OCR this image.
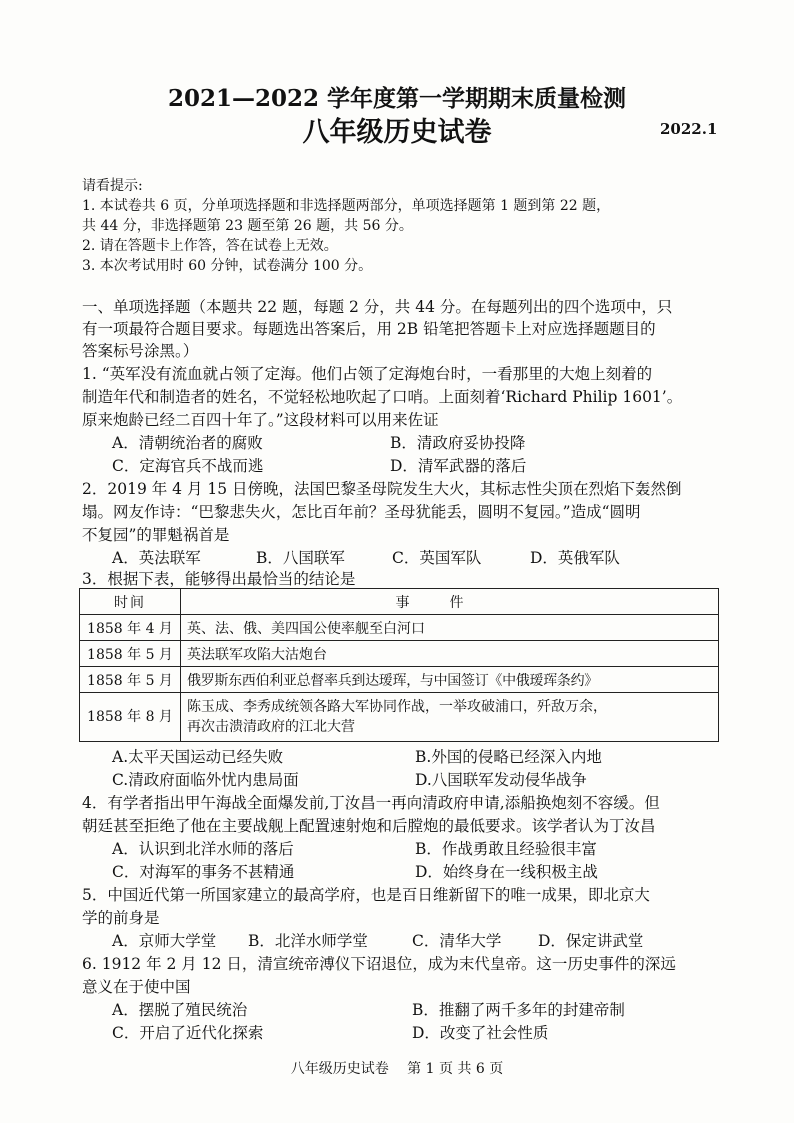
2021—2022 学年度第一学期期末质量检测
八年级历史试卷	2022.1
请看提示:
1. 本试卷共 6 页，分单项选择题和非选择题两部分，单项选择题第 1 题到第 22 题，
共 44 分，非选择题第 23 题至第 26 题，共 56 分。
2. 请在答题卡上作答，答在试卷上无效。
3. 本次考试用时 60 分钟，试卷满分 100 分。
一、单项选择题（本题共 22 题，每题 2 分，共 44 分。在每题列出的四个选项中，只
有一项最符合题目要求。每题选出答案后，用 2B 铅笔把答题卡上对应选择题题目的
答案标号涂黑。）
1. “英军没有流血就占领了定海。他们占领了定海炮台时，一看那里的大炮上刻着的
制造年代和制造者的姓名，不觉轻松地吹起了口哨。上面刻着‘Richard Philip 1601’。
原来炮龄已经二百四十年了。”这段材料可以用来佐证
A．清朝统治者的腐败	B．清政府妥协投降
C．定海官兵不战而逃	D．清军武器的落后
2．2019 年 4 月 15 日傍晚，法国巴黎圣母院发生大火，其标志性尖顶在烈焰下轰然倒
塌。网友作诗：“巴黎悲失火，怎比百年前？圣母犹能丢，圆明不复园。”造成“圆明
不复园”的罪魁祸首是
A．英法联军	B．八国联军	C．英国军队	D．英俄军队
3．根据下表，能够得出最恰当的结论是
时间	事件
1858 年 4 月	英、法、俄、美四国公使率舰至白河口
1858 年 5 月	英法联军攻陷大沽炮台
1858 年 5 月	俄罗斯东西伯利亚总督率兵到达瑷珲，与中国签订《中俄瑷珲条约》
1858 年 8 月	陈玉成、李秀成统领各路大军协同作战，一举攻破浦口，歼敌万余，
再次击溃清政府的江北大营
A.太平天国运动已经失败	B.外国的侵略已经深入内地
C.清政府面临外忧内患局面	D.八国联军发动侵华战争
4．有学者指出甲午海战全面爆发前,丁汝昌一再向清政府申请,添船换炮刻不容缓。但
朝廷甚至拒绝了他在主要战舰上配置速射炮和后膛炮的最低要求。该学者认为丁汝昌
A．认识到北洋水师的落后	B．作战勇敢且经验很丰富
C．对海军的事务不甚精通	D．始终身在一线积极主战
5．中国近代第一所国家建立的最高学府，也是百日维新留下的唯一成果，即北京大
学的前身是
A．京师大学堂 B．北洋水师学堂	C．清华大学 D．保定讲武堂
6. 1912 年 2 月 12 日，清宣统帝溥仪下诏退位，成为末代皇帝。这一历史事件的深远
意义在于使中国
A．摆脱了殖民统治	B．推翻了两千多年的封建帝制
C．开启了近代化探索	D．改变了社会性质
八年级历史试卷　 第 1 页 共 6 页
